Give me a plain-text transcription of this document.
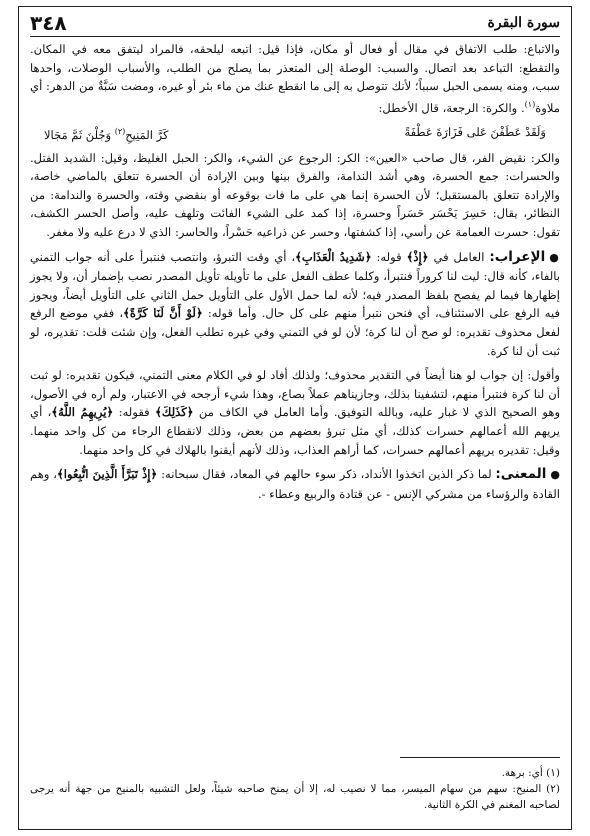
سورة البقرة
٣٤٨

والاتباع: طلب الاتفاق في مقال أو فعال أو مكان، فإذا قيل: اتبعه ليلحقه، فالمراد ليتفق معه في المكان. والتقطع: التباعد بعد اتصال. والسبب: الوصلة إلى المتعذر بما يصلح من الطلب، والأسباب الوصلات، واحدها سبب، ومنه يسمى الحبل سبباً؛ لأنك تتوصل به إلى ما انقطع عنك من ماء بئر أو غيره، ومضت سَبَّةٌ من الدهر: أي ملاوة$^{(١)}$. والكرة: الرجعة، قال الأخطل:

وَلَقَدْ عَطَفْنَ عَلى فَزَارَةَ عَطْفَةً
كَرَّ المَنِيحِ$^{(٢)}$ وَجُلْنَ ثَمَّ مَجَالا

والكر: نقيض الفر، قال صاحب «العين»: الكر: الرجوع عن الشيء، والكر: الحبل الغليظ، وقيل: الشديد الفتل. والحسرات: جمع الحسرة، وهي أشد الندامة، والفرق بينها وبين الإرادة أن الحسرة تتعلق بالماضي خاصة، والإرادة تتعلق بالمستقبل؛ لأن الحسرة إنما هي على ما فات بوقوعه أو بنقضي وقته، والحسرة والندامة: من النظائر، يقال: حَسِرَ يَحْسَر حَسَراً وحسرة، إذا كمد على الشيء الفائت وتلهف عليه، وأصل الحسر الكشف، تقول: حسرت العمامة عن رأسي، إذا كشفتها، وحسر عن ذراعيه حَسْراً، والحاسر: الذي لا درع عليه ولا مغفر.

●الإعراب: العامل في ﴿إِذْ﴾ قوله: ﴿شَدِيدُ الْعَذَابِ﴾، أي وقت التبرؤ، وانتصب فنتبرأ على أنه جواب التمني بالفاء، كأنه قال: ليت لنا كروراً فنتبرأ، وكلما عطف الفعل على ما تأويله تأويل المصدر نصب بإضمار أن، ولا يجوز إظهارها فيما لم يفصح بلفظ المصدر فيه؛ لأنه لما حمل الأول على التأويل حمل الثاني على التأويل أيضاً، ويجوز فيه الرفع على الاستئناف، أي فنحن نتبرأ منهم على كل حال. وأما قوله: ﴿لَوْ أَنَّ لَنَا كَرَّةً﴾، ففي موضع الرفع لفعل محذوف تقديره: لو صح أن لنا كرة؛ لأن لو في التمني وفي غيره تطلب الفعل، وإن شئت قلت: تقديره، لو ثبت أن لنا كرة.

وأقول: إن جواب لو هنا أيضاً في التقدير محذوف؛ ولذلك أفاد لو في الكلام معنى التمني، فيكون تقديره: لو ثبت أن لنا كرة فنتبرأ منهم، لتشفينا بذلك، وجازيناهم عملاً بصاع، وهذا شيء أرجحه في الاعتبار، ولم أره في الأصول، وهو الصحيح الذي لا غبار عليه، وبالله التوفيق. وأما العامل في الكاف من ﴿كَذَلِكَ﴾ فقوله: ﴿يُرِيهِمُ اللَّهُ﴾، أي يريهم الله أعمالهم حسرات كذلك، أي مثل تبرؤ بعضهم من بعض، وذلك لانقطاع الرجاء من كل واحد منهما. وقيل: تقديره يريهم أعمالهم حسرات، كما أراهم العذاب، وذلك لأنهم أيقنوا بالهلاك في كل واحد منهما.

●المعنى: لما ذكر الذين اتخذوا الأنداد، ذكر سوء حالهم في المعاد، فقال سبحانه: ﴿إِذْ تَبَرَّأَ الَّذِينَ اتُّبِعُوا﴾، وهم القادة والرؤساء من مشركي الإنس - عن قتادة والربيع وعطاء -.

(١) أي: برهة.

(٢) المنيح: سهم من سهام الميسر، مما لا نصيب له، إلا أن يمنح صاحبه شيئاً، ولعل التشبيه بالمنيح من جهة أنه يرجى لصاحبه المغنم في الكرة الثانية.
